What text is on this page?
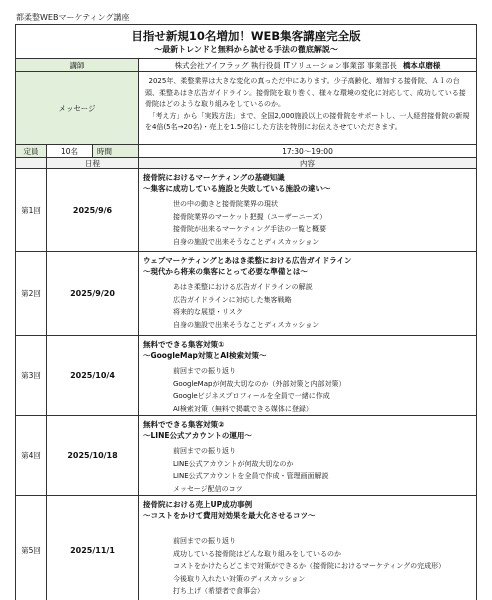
都柔整WEBマーケティング講座
目指せ新規10名増加！WEB集客講座完全版
〜最新トレンドと無料から試せる手法の徹底解説〜
講師	株式会社アイフラッグ 執行役員 ITソリューション事業部 事業部長 橋本卓磨様
メッセージ

2025年、柔整業界は大きな変化の真っただ中にあります。少子高齢化、増加する接骨院、ＡＩの台頭、柔整あはき広告ガイドライン。接骨院を取り巻く、様々な環境の変化に対応して、成功している接骨院はどのような取り組みをしているのか。

「考え方」から「実践方法」まで、全国2,000施設以上の接骨院をサポートし、一人経営接骨院の新規を4倍(5名→20名)・売上を1.5倍にした方法を特別にお伝えさせていただきます。

定員	10名	時間	17:30〜19:00
日程	内容
第1回	2025/9/6
接骨院におけるマーケティングの基礎知識
〜集客に成功している施設と失敗している施設の違い〜
世の中の動きと接骨院業界の現状
接骨院業界のマーケット把握（ユーザーニーズ）
接骨院が出来るマーケティング手法の一覧と概要
自身の施設で出来そうなことディスカッション
第2回	2025/9/20
ウェブマーケティングとあはき柔整における広告ガイドライン
〜現代から将来の集客にとって必要な準備とは〜
あはき柔整における広告ガイドラインの解説
広告ガイドラインに対応した集客戦略
将来的な展望・リスク
自身の施設で出来そうなことディスカッション
第3回	2025/10/4
無料でできる集客対策①
〜GoogleMap対策とAI検索対策〜
前回までの振り返り
GoogleMapが何故大切なのか（外部対策と内部対策）
Googleビジネスプロフィールを全員で一緒に作成
AI検索対策（無料で掲載できる媒体に登録）
第4回	2025/10/18
無料でできる集客対策②
〜LINE公式アカウントの運用〜
前回までの振り返り
LINE公式アカウントが何故大切なのか
LINE公式アカウントを全員で作成・管理画面解説
メッセージ配信のコツ
第5回	2025/11/1
接骨院における売上UP成功事例
〜コストをかけて費用対効果を最大化させるコツ〜
前回までの振り返り
成功している接骨院はどんな取り組みをしているのか
コストをかけたらどこまで対策ができるか（接骨院におけるマーケティングの完成形）
今後取り入れたい対策のディスカッション
打ち上げ（希望者で食事会）
